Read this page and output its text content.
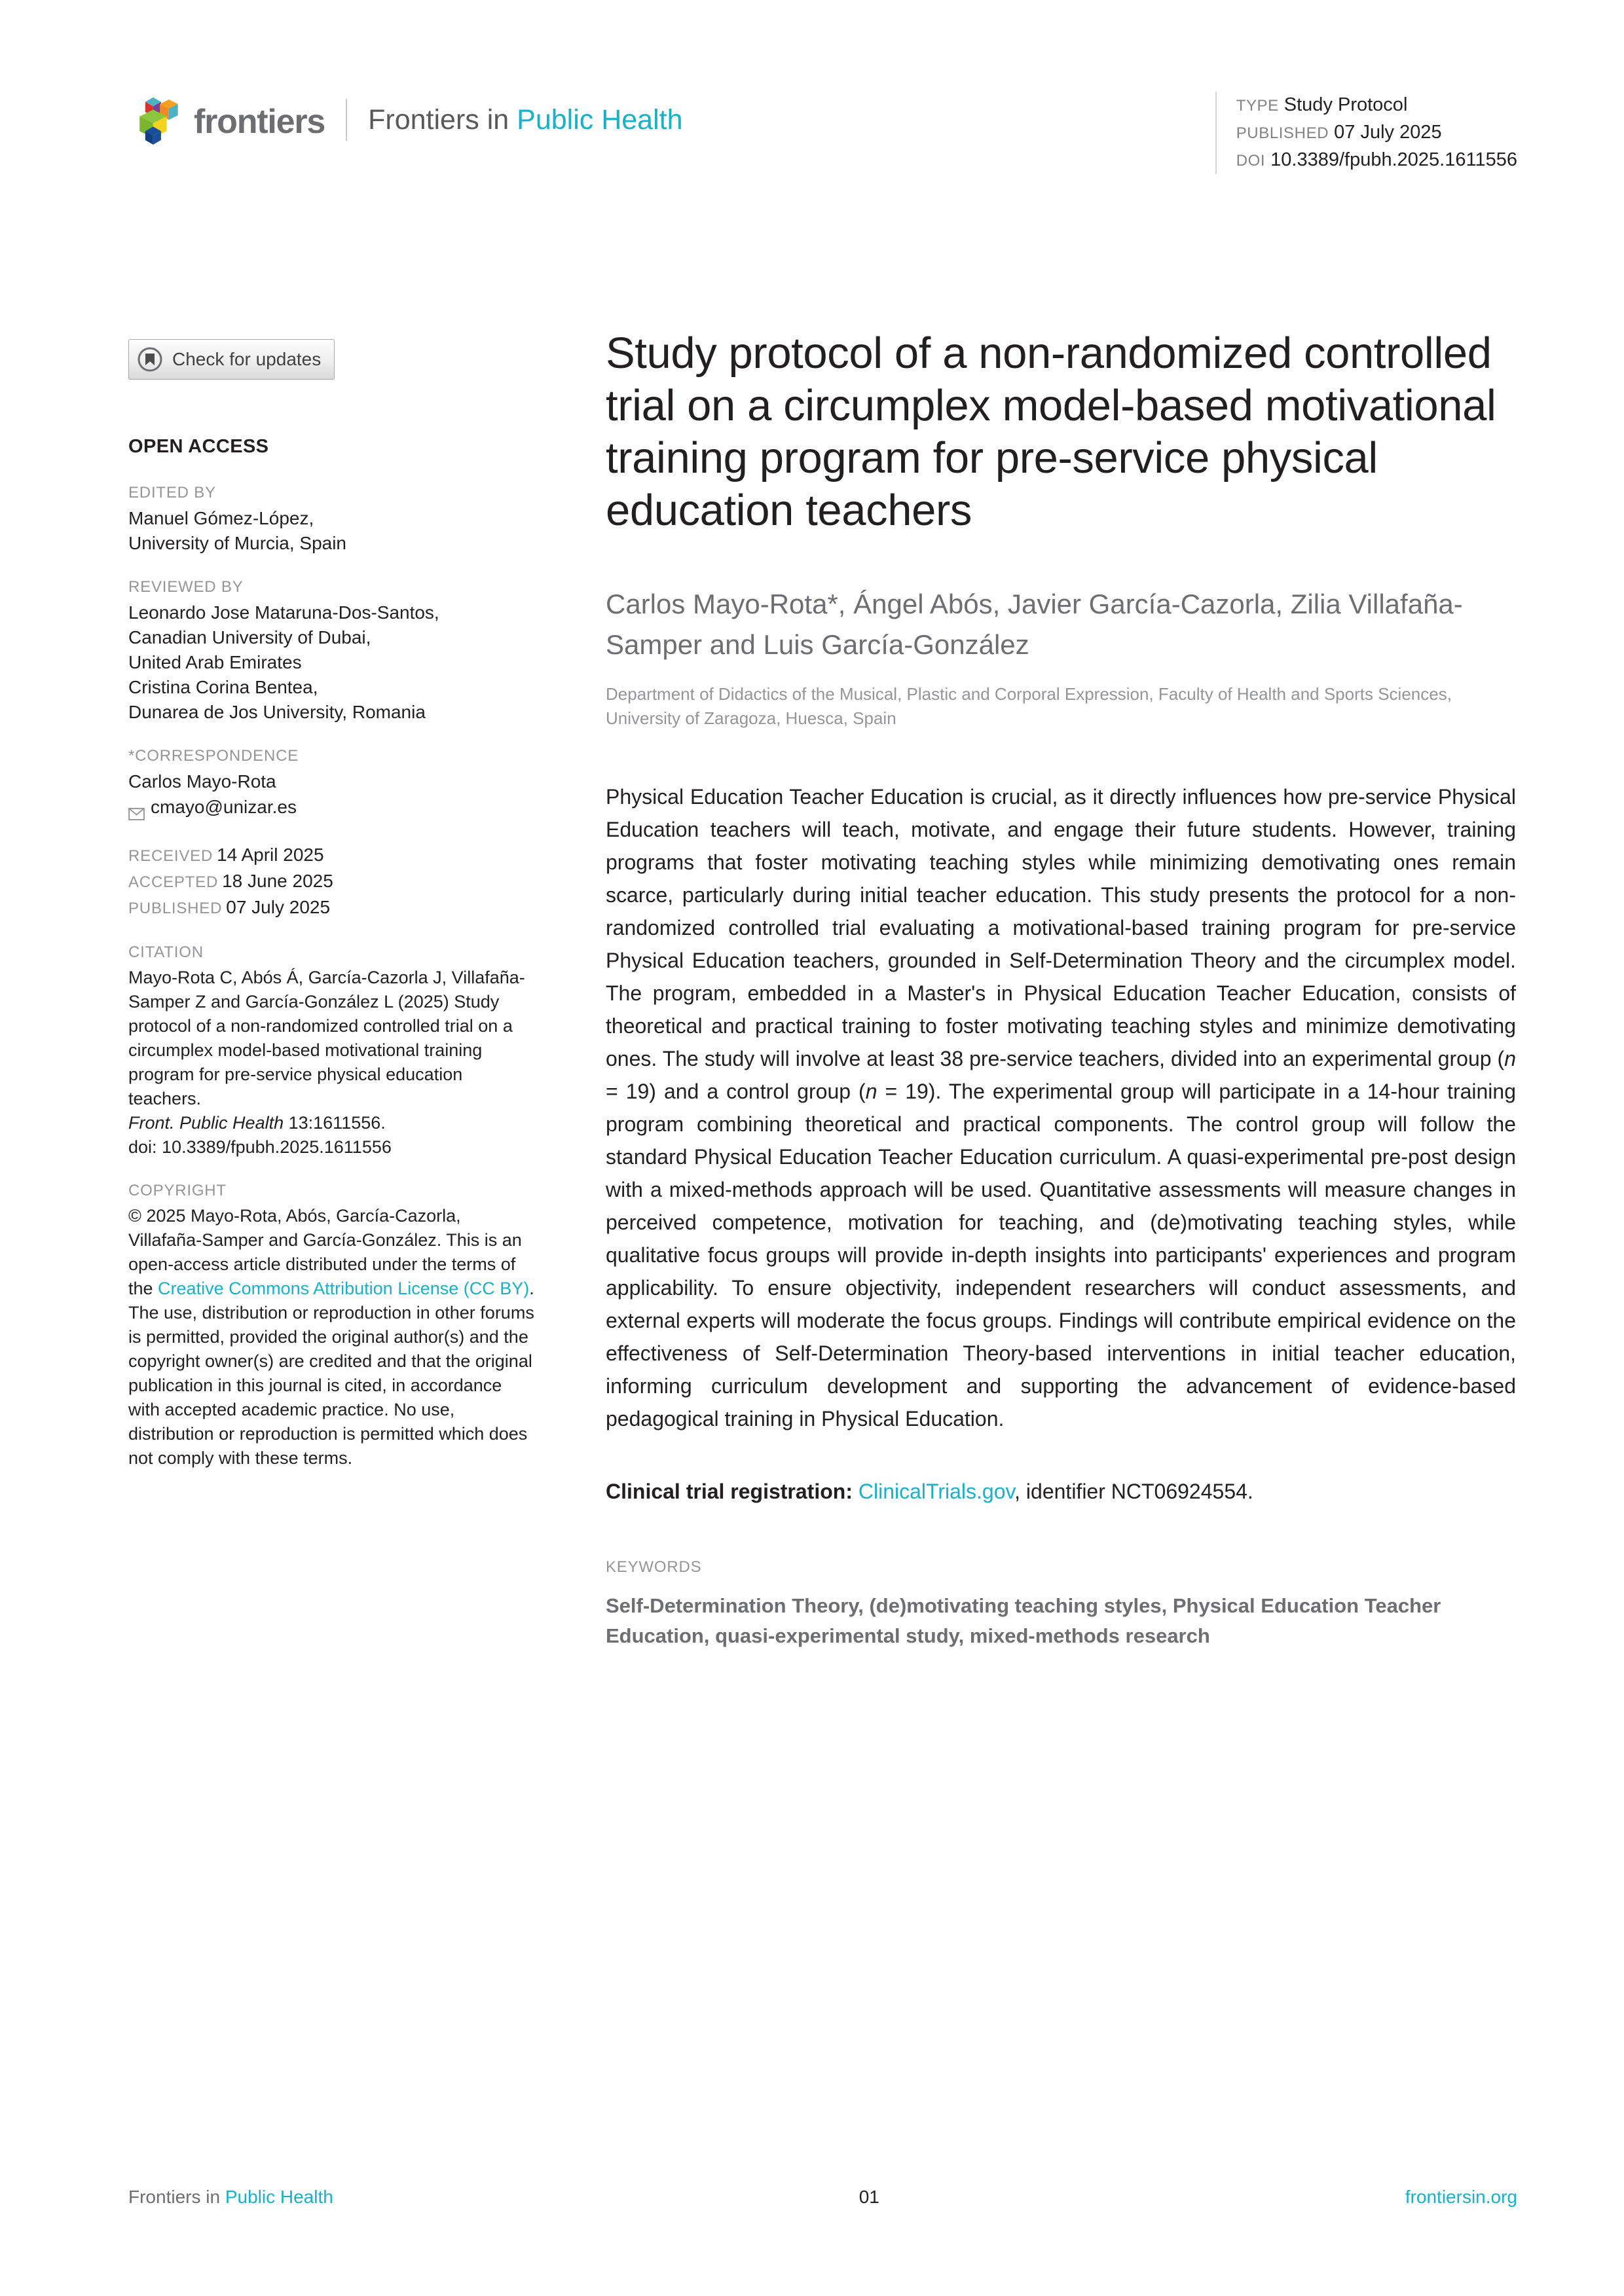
frontiers Frontiers in Public Health	TYPE Study Protocol
PUBLISHED 07 July 2025
DOI 10.3389/fpubh.2025.1611556
Check for updates
OPEN ACCESS
EDITED BY
Manuel Gómez-López,
University of Murcia, Spain
REVIEWED BY
Leonardo Jose Mataruna-Dos-Santos,
Canadian University of Dubai,
United Arab Emirates
Cristina Corina Bentea,
Dunarea de Jos University, Romania
*CORRESPONDENCE
Carlos Mayo-Rota
cmayo@unizar.es
RECEIVED 14 April 2025
ACCEPTED 18 June 2025
PUBLISHED 07 July 2025
CITATION
Mayo-Rota C, Abós Á, García-Cazorla J, Villafaña-Samper Z and García-González L (2025) Study protocol of a non-randomized controlled trial on a circumplex model-based motivational training program for pre-service physical education teachers.
Front. Public Health 13:1611556.
doi: 10.3389/fpubh.2025.1611556
COPYRIGHT
© 2025 Mayo-Rota, Abós, García-Cazorla, Villafaña-Samper and García-González. This is an open-access article distributed under the terms of the Creative Commons Attribution License (CC BY). The use, distribution or reproduction in other forums is permitted, provided the original author(s) and the copyright owner(s) are credited and that the original publication in this journal is cited, in accordance with accepted academic practice. No use, distribution or reproduction is permitted which does not comply with these terms.
Study protocol of a non-randomized controlled trial on a circumplex model-based motivational training program for pre-service physical education teachers
Carlos Mayo-Rota*, Ángel Abós, Javier García-Cazorla, Zilia Villafaña-Samper and Luis García-González
Department of Didactics of the Musical, Plastic and Corporal Expression, Faculty of Health and Sports Sciences, University of Zaragoza, Huesca, Spain

Physical Education Teacher Education is crucial, as it directly influences how pre-service Physical Education teachers will teach, motivate, and engage their future students. However, training programs that foster motivating teaching styles while minimizing demotivating ones remain scarce, particularly during initial teacher education. This study presents the protocol for a non-randomized controlled trial evaluating a motivational-based training program for pre-service Physical Education teachers, grounded in Self-Determination Theory and the circumplex model. The program, embedded in a Master's in Physical Education Teacher Education, consists of theoretical and practical training to foster motivating teaching styles and minimize demotivating ones. The study will involve at least 38 pre-service teachers, divided into an experimental group (n = 19) and a control group (n = 19). The experimental group will participate in a 14-hour training program combining theoretical and practical components. The control group will follow the standard Physical Education Teacher Education curriculum. A quasi-experimental pre-post design with a mixed-methods approach will be used. Quantitative assessments will measure changes in perceived competence, motivation for teaching, and (de)motivating teaching styles, while qualitative focus groups will provide in-depth insights into participants' experiences and program applicability. To ensure objectivity, independent researchers will conduct assessments, and external experts will moderate the focus groups. Findings will contribute empirical evidence on the effectiveness of Self-Determination Theory-based interventions in initial teacher education, informing curriculum development and supporting the advancement of evidence-based pedagogical training in Physical Education.

Clinical trial registration: ClinicalTrials.gov, identifier NCT06924554.
KEYWORDS
Self-Determination Theory, (de)motivating teaching styles, Physical Education Teacher Education, quasi-experimental study, mixed-methods research
Frontiers in Public Health	01	frontiersin.org
